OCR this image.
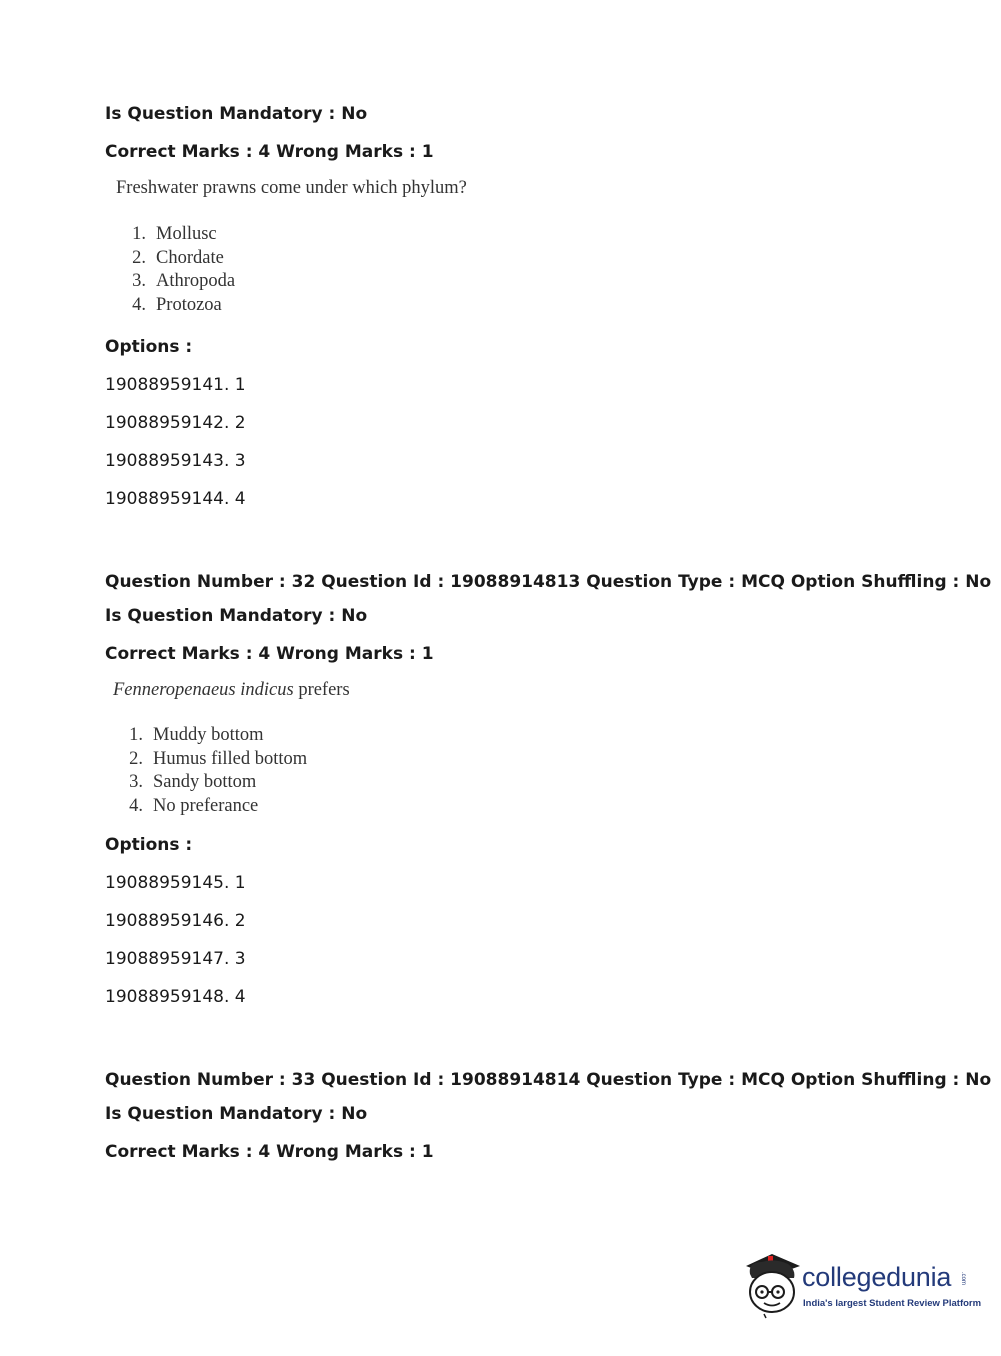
Is Question Mandatory : No
Correct Marks : 4 Wrong Marks : 1
Freshwater prawns come under which phylum?
1. Mollusc
2. Chordate
3. Athropoda
4. Protozoa
Options :
19088959141. 1
19088959142. 2
19088959143. 3
19088959144. 4
Question Number : 32 Question Id : 19088914813 Question Type : MCQ Option Shuffling : No
Is Question Mandatory : No
Correct Marks : 4 Wrong Marks : 1
Fenneropenaeus indicus prefers
1. Muddy bottom
2. Humus filled bottom
3. Sandy bottom
4. No preferance
Options :
19088959145. 1
19088959146. 2
19088959147. 3
19088959148. 4
Question Number : 33 Question Id : 19088914814 Question Type : MCQ Option Shuffling : No
Is Question Mandatory : No
Correct Marks : 4 Wrong Marks : 1
collegedunia .com
India's largest Student Review Platform
